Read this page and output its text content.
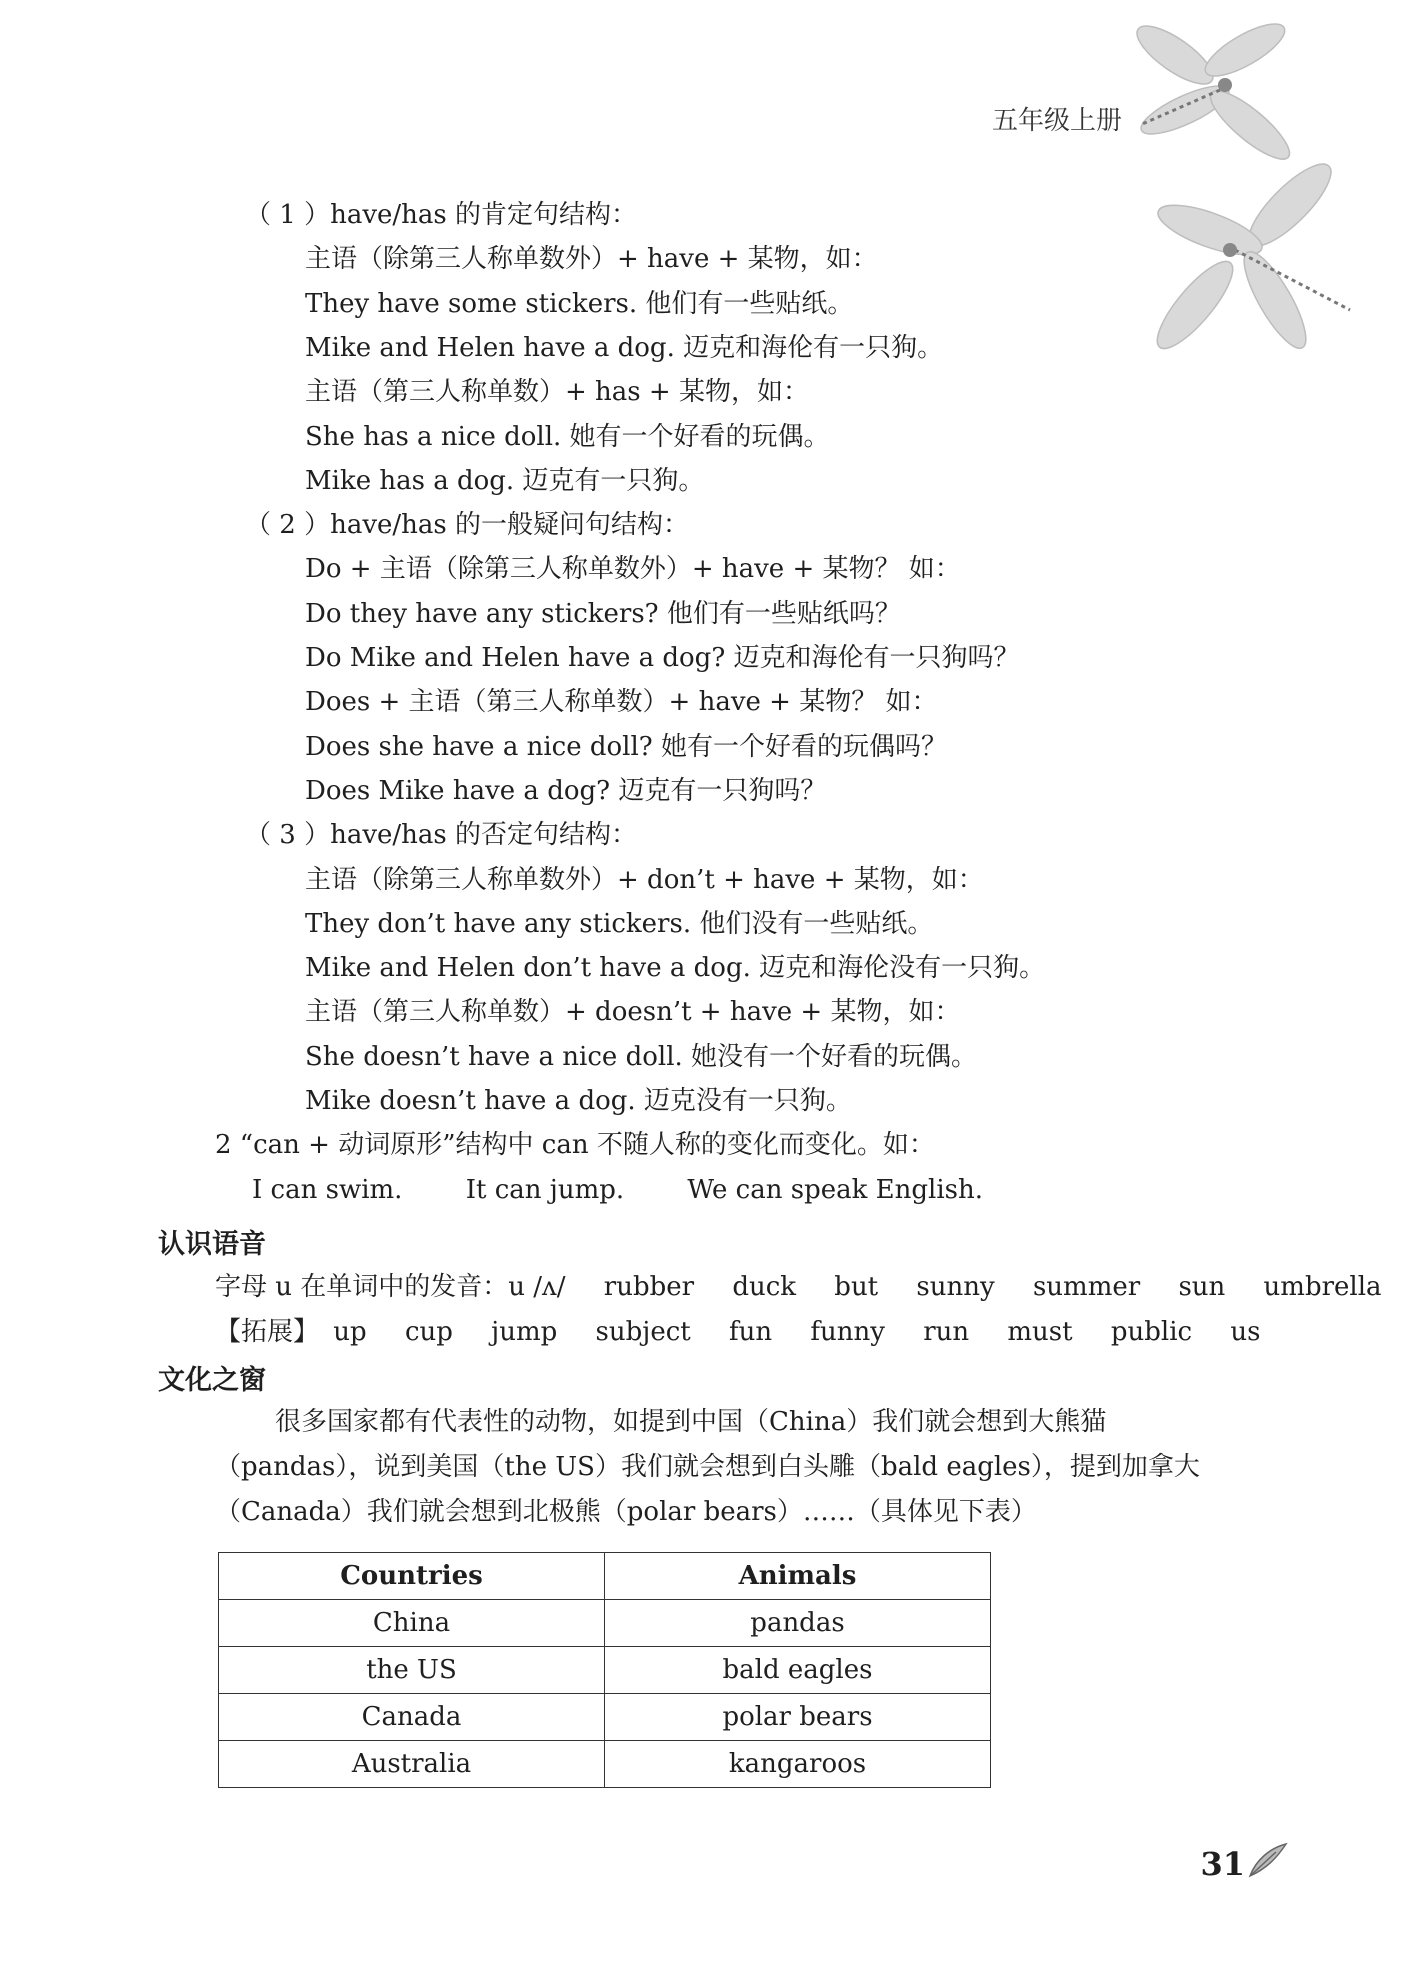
五年级上册
（ 1 ）have/has 的肯定句结构：
主语（除第三人称单数外）+ have + 某物，如：
They have some stickers. 他们有一些贴纸。
Mike and Helen have a dog. 迈克和海伦有一只狗。
主语（第三人称单数）+ has + 某物，如：
She has a nice doll. 她有一个好看的玩偶。
Mike has a dog. 迈克有一只狗。
（ 2 ）have/has 的一般疑问句结构：
Do + 主语（除第三人称单数外）+ have + 某物？ 如：
Do they have any stickers? 他们有一些贴纸吗？
Do Mike and Helen have a dog? 迈克和海伦有一只狗吗？
Does + 主语（第三人称单数）+ have + 某物？ 如：
Does she have a nice doll? 她有一个好看的玩偶吗？
Does Mike have a dog? 迈克有一只狗吗？
（ 3 ）have/has 的否定句结构：
主语（除第三人称单数外）+ don’t + have + 某物，如：
They don’t have any stickers. 他们没有一些贴纸。
Mike and Helen don’t have a dog. 迈克和海伦没有一只狗。
主语（第三人称单数）+ doesn’t + have + 某物，如：
She doesn’t have a nice doll. 她没有一个好看的玩偶。
Mike doesn’t have a dog. 迈克没有一只狗。
2 “can + 动词原形”结构中 can 不随人称的变化而变化。如：
I can swim. It can jump. We can speak English.
认识语音
字母 u 在单词中的发音：u /ʌ/ rubber duck but sunny summer sun umbrella
【拓展】 up cup jump subject fun funny run must public us
文化之窗
很多国家都有代表性的动物，如提到中国（China）我们就会想到大熊猫（pandas），说到美国（the US）我们就会想到白头雕（bald eagles），提到加拿大（Canada）我们就会想到北极熊（polar bears）……（具体见下表）
Countries	Animals
China	pandas
the US	bald eagles
Canada	polar bears
Australia	kangaroos
31
